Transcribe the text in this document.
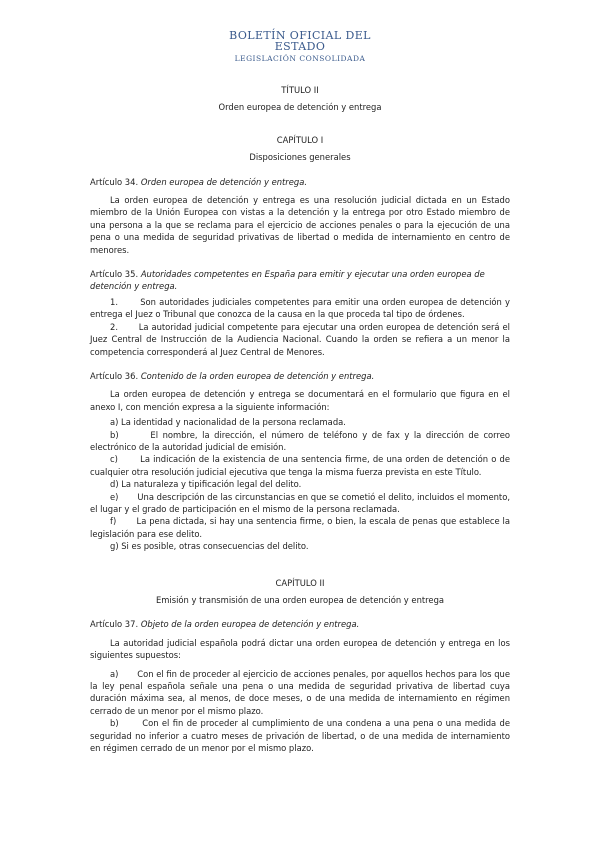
BOLETÍN OFICIAL DEL
ESTADO
LEGISLACIÓN CONSOLIDADA
TÍTULO II
Orden europea de detención y entrega
CAPÍTULO I
Disposiciones generales
Artículo 34. Orden europea de detención y entrega.
La orden europea de detención y entrega es una resolución judicial dictada en un Estado miembro de la Unión Europea con vistas a la detención y la entrega por otro Estado miembro de una persona a la que se reclama para el ejercicio de acciones penales o para la ejecución de una pena o una medida de seguridad privativas de libertad o medida de internamiento en centro de menores.
Artículo 35. Autoridades competentes en España para emitir y ejecutar una orden europea de detención y entrega.
1.       Son autoridades judiciales competentes para emitir una orden europea de detención y entrega el Juez o Tribunal que conozca de la causa en la que proceda tal tipo de órdenes.
2.       La autoridad judicial competente para ejecutar una orden europea de detención será el Juez Central de Instrucción de la Audiencia Nacional. Cuando la orden se refiera a un menor la competencia corresponderá al Juez Central de Menores.
Artículo 36. Contenido de la orden europea de detención y entrega.
La orden europea de detención y entrega se documentará en el formulario que figura en el anexo I, con mención expresa a la siguiente información:
a) La identidad y nacionalidad de la persona reclamada.
b)       El nombre, la dirección, el número de teléfono y de fax y la dirección de correo electrónico de la autoridad judicial de emisión.
c)       La indicación de la existencia de una sentencia firme, de una orden de detención o de cualquier otra resolución judicial ejecutiva que tenga la misma fuerza prevista en este Título.
d) La naturaleza y tipificación legal del delito.
e)       Una descripción de las circunstancias en que se cometió el delito, incluidos el momento, el lugar y el grado de participación en el mismo de la persona reclamada.
f)       La pena dictada, si hay una sentencia firme, o bien, la escala de penas que establece la legislación para ese delito.
g) Si es posible, otras consecuencias del delito.
CAPÍTULO II
Emisión y transmisión de una orden europea de detención y entrega
Artículo 37. Objeto de la orden europea de detención y entrega.
La autoridad judicial española podrá dictar una orden europea de detención y entrega en los siguientes supuestos:
a)       Con el fin de proceder al ejercicio de acciones penales, por aquellos hechos para los que la ley penal española señale una pena o una medida de seguridad privativa de libertad cuya duración máxima sea, al menos, de doce meses, o de una medida de internamiento en régimen cerrado de un menor por el mismo plazo.
b)       Con el fin de proceder al cumplimiento de una condena a una pena o una medida de seguridad no inferior a cuatro meses de privación de libertad, o de una medida de internamiento en régimen cerrado de un menor por el mismo plazo.
